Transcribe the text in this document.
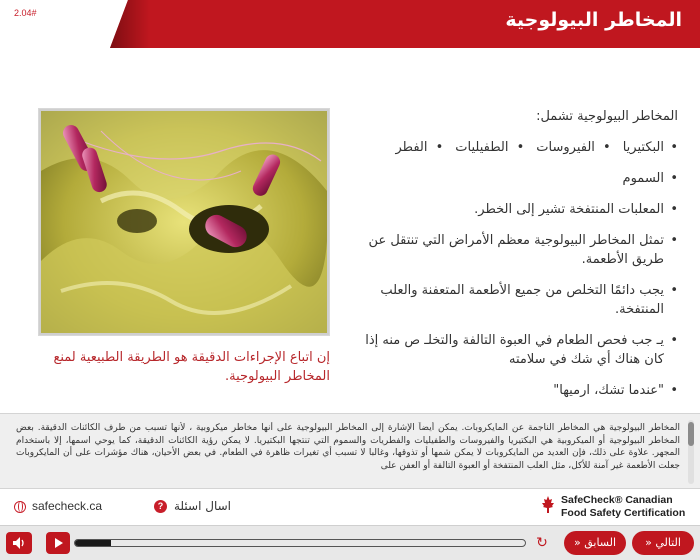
2.04#	المخاطر البيولوجية
إن اتباع الإجراءات الدقيقة هو الطريقة الطبيعية لمنع المخاطر البيولوجية.
المخاطر البيولوجية تشمل:
• البكتيريا• الفيروسات• الطفيليات• الفطر
• السموم
• المعلبات المنتفخة تشير إلى الخطر.
• تمثل المخاطر البيولوجية معظم الأمراض التي تنتقل عن طريق الأطعمة.
• يجب دائمًا التخلص من جميع الأطعمة المتعفنة والعلب المنتفخة.
• يـ جب فحص الطعام في العبوة التالفة والتخلـ ص منه إذا كان هناك أي شك في سلامته
• "عندما تشك، ارميها"
المخاطر البيولوجية هي المخاطر الناجمة عن المايكروبات. يمكن أيضاً الإشارة إلى المخاطر البيولوجية على أنها مخاطر ميكروبية ، لأنها تسبب من طرف الكائنات الدقيقة. بعض المخاطر البيولوجية أو الميكروبية هي البكتيريا والفيروسات والطفيليات والفطريات والسموم التي تنتجها البكتيريا. لا يمكن رؤية الكائنات الدقيقة، كما يوحي اسمها، إلا باستخدام المجهر. علاوة على ذلك، فإن العديد من المايكروبات لا يمكن شمها أو تذوقها، وغالبا لا تسبب أي تغيرات ظاهرة في الطعام. في بعض الأحيان، هناك مؤشرات على أن المايكروبات جعلت الأطعمة غير آمنة للأكل، مثل العلب المنتفخة أو العبوة التالفة أو العفن على
safecheck.ca	? اسال اسئلة	SafeCheck® Canadian
Food Safety Certification
↻	السابق «	التالي «
